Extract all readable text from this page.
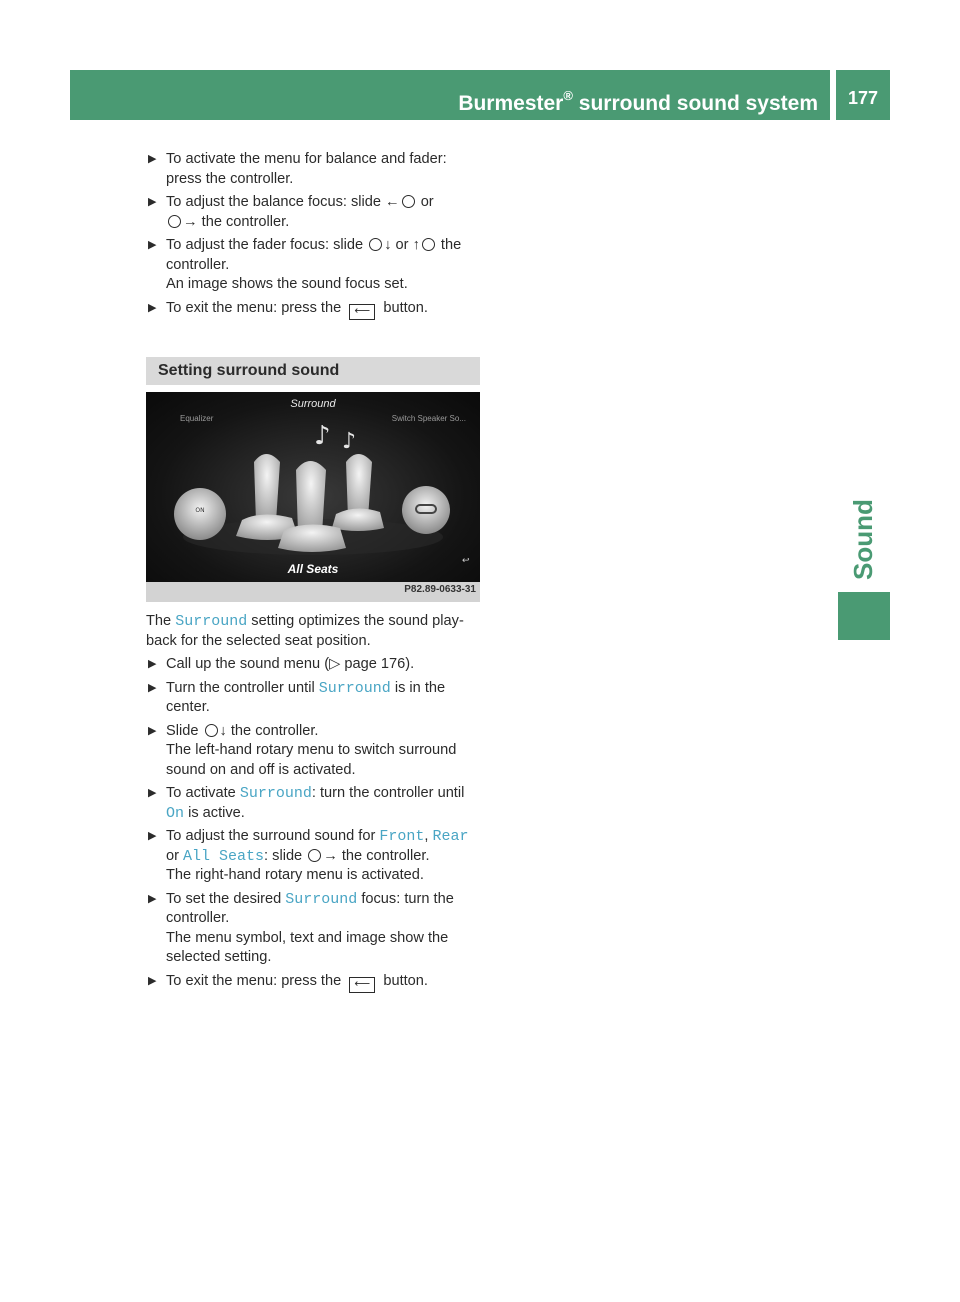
Burmester® surround sound system	177
Sound
▶ To activate the menu for balance and fader:
press the controller.

▶ To adjust the balance focus: slide ← or
→ the controller.

▶ To adjust the fader focus: slide ↓ or ↑ the
controller.
An image shows the sound focus set.

▶ To exit the menu: press the ⟵ button.

Setting surround sound
Surround
Equalizer	Switch Speaker So...
♪ ♪
ON
↩
All Seats
P82.89-0633-31

The Surround setting optimizes the sound play-
back for the selected seat position.

▶ Call up the sound menu (▷ page 176).

▶ Turn the controller until Surround is in the
center.

▶ Slide ↓ the controller.
The left-hand rotary menu to switch surround
sound on and off is activated.

▶ To activate Surround: turn the controller until
On is active.

▶ To adjust the surround sound for Front, Rear
or All Seats: slide → the controller.
The right-hand rotary menu is activated.

▶ To set the desired Surround focus: turn the
controller.
The menu symbol, text and image show the
selected setting.

▶ To exit the menu: press the ⟵ button.
